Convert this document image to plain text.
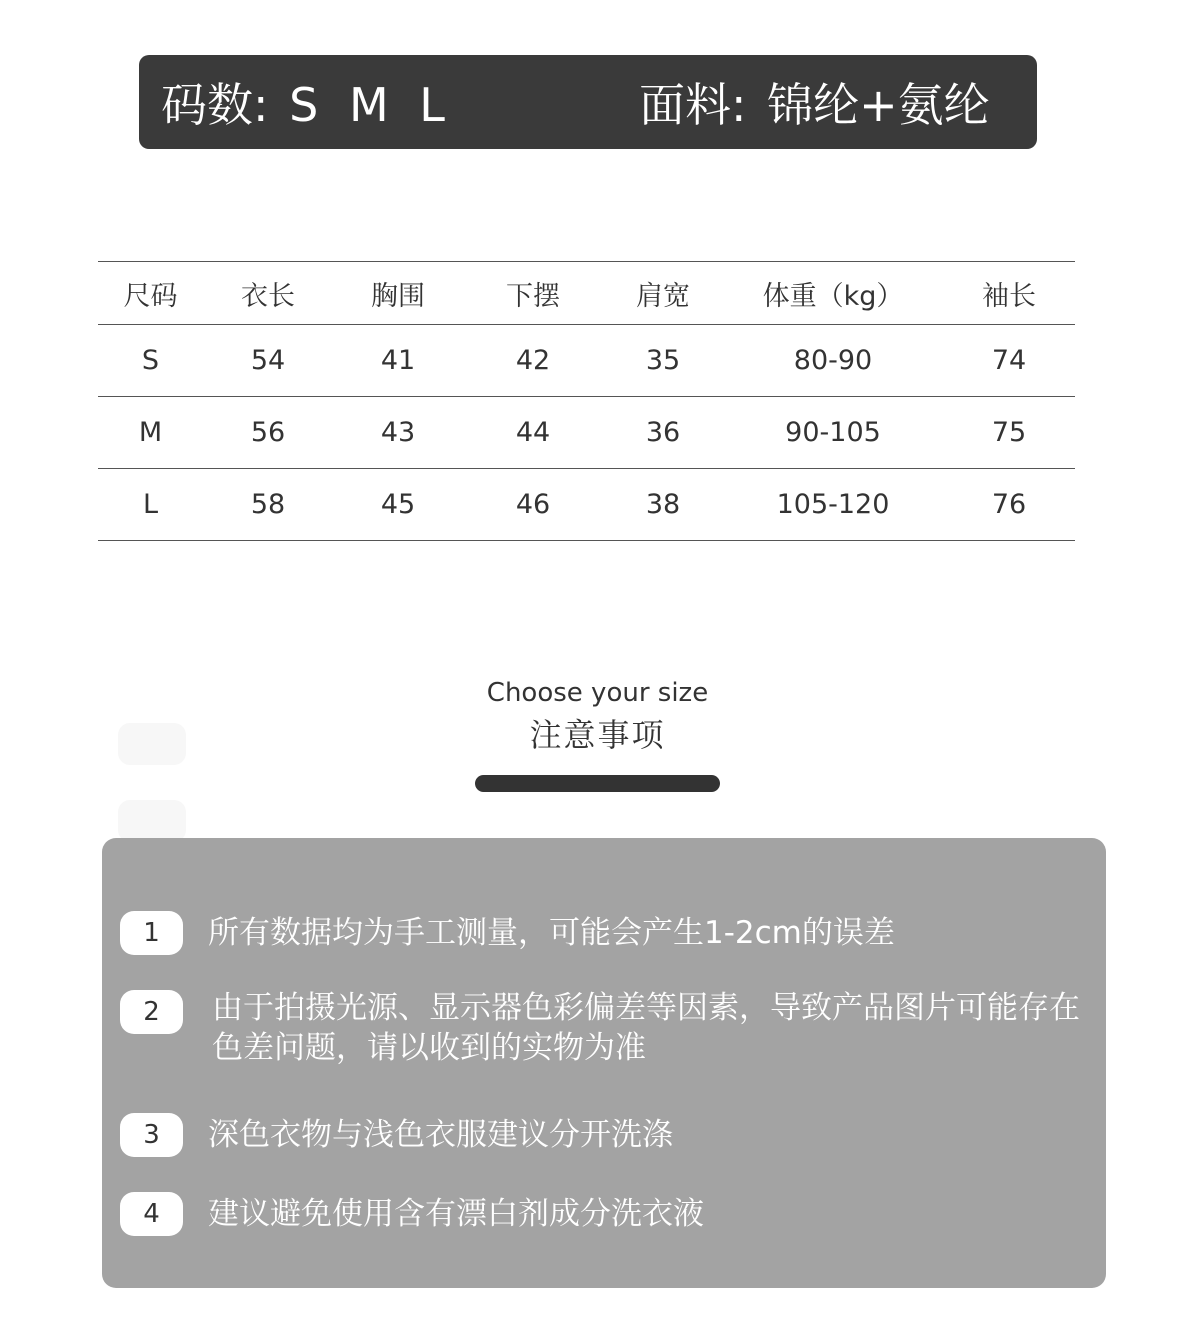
码数: S M L	面料: 锦纶+氨纶
尺码	衣长	胸围	下摆	肩宽	体重（kg）	袖长
S	54	41	42	35	80-90	74
M	56	43	44	36	90-105	75
L	58	45	46	38	105-120	76
Choose your size
注意事项
1	所有数据均为手工测量，可能会产生1-2cm的误差
2	由于拍摄光源、显示器色彩偏差等因素，导致产品图片可能存在色差问题，请以收到的实物为准
3	深色衣物与浅色衣服建议分开洗涤
4	建议避免使用含有漂白剂成分洗衣液
